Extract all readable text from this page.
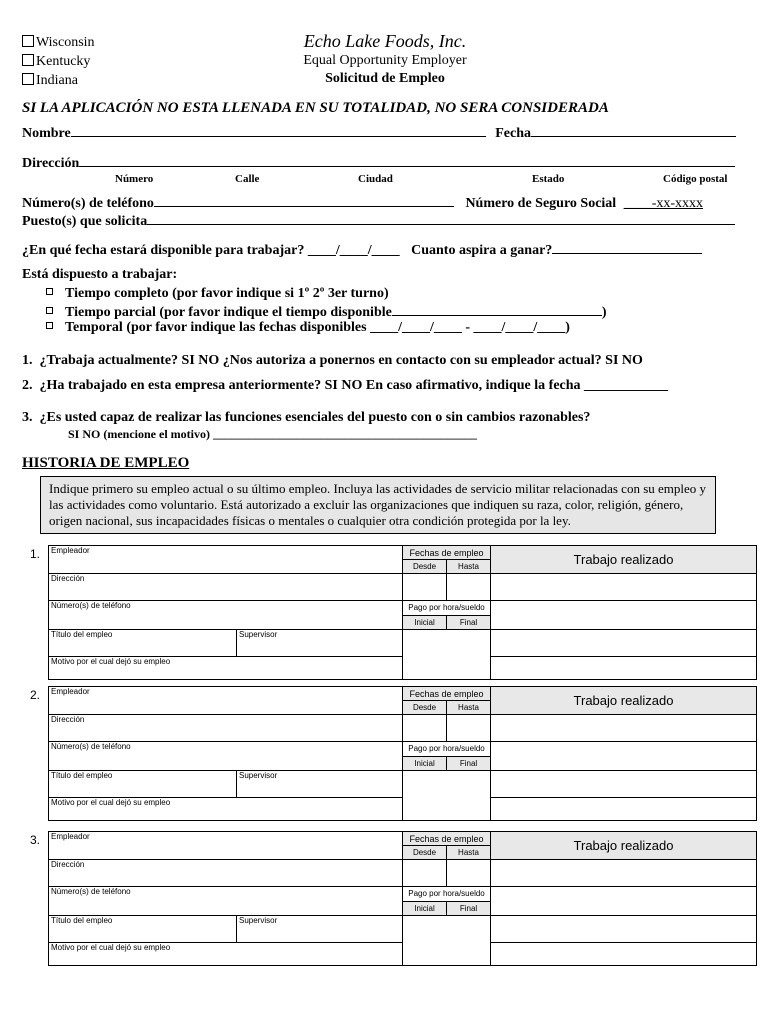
Wisconsin
Kentucky
Indiana
Echo Lake Foods, Inc.
Equal Opportunity Employer
Solicitud de Empleo
SI LA APLICACIÓN NO ESTA LLENADA EN SU TOTALIDAD, NO SERA CONSIDERADA
Nombre	Fecha
Dirección
Número	Calle	Ciudad	Estado	Código postal
Número(s) de teléfono	Número de Seguro Social ____-xx-xxxx
Puesto(s) que solicita
¿En qué fecha estará disponible para trabajar? ____/____/____ Cuanto aspira a ganar?
Está dispuesto a trabajar:
Tiempo completo (por favor indique si 1º 2º 3er turno)
Tiempo parcial (por favor indique el tiempo disponible	)
Temporal (por favor indique las fechas disponibles ____/____/____ - ____/____/____)
1. ¿Trabaja actualmente? SI NO ¿Nos autoriza a ponernos en contacto con su empleador actual? SI NO
2. ¿Ha trabajado en esta empresa anteriormente? SI NO En caso afirmativo, indique la fecha ____________
3. ¿Es usted capaz de realizar las funciones esenciales del puesto con o sin cambios razonables?
SI NO (mencione el motivo) ____________________________________________
HISTORIA DE EMPLEO
Indique primero su empleo actual o su último empleo. Incluya las actividades de servicio militar relacionadas con su empleo y las actividades como voluntario. Está autorizado a excluir las organizaciones que indiquen su raza, color, religión, género, origen nacional, sus incapacidades físicas o mentales o cualquier otra condición protegida por la ley.
1. Empleador		Fechas de empleo		Trabajo realizado
		Desde	Hasta	
Dirección				
Número(s) de teléfono		Pago por hora/sueldo		
		Inicial	Final	
Título del empleo	Supervisor			
Motivo por el cual dejó su empleo				
2. Empleador		Fechas de empleo		Trabajo realizado
		Desde	Hasta	
Dirección				
Número(s) de teléfono		Pago por hora/sueldo		
		Inicial	Final	
Título del empleo	Supervisor			
Motivo por el cual dejó su empleo				
3. Empleador		Fechas de empleo		Trabajo realizado
		Desde	Hasta	
Dirección				
Número(s) de teléfono		Pago por hora/sueldo		
		Inicial	Final	
Título del empleo	Supervisor			
Motivo por el cual dejó su empleo				
